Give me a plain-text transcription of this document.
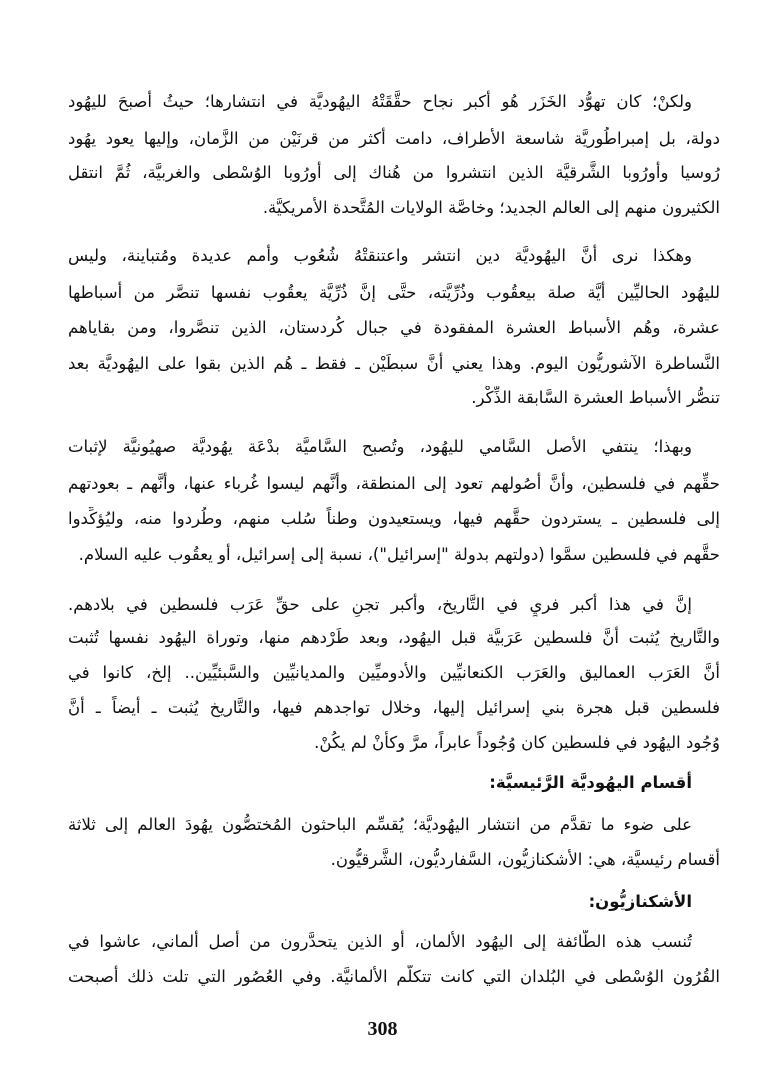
ولكنْ؛ كان تهوُّد الخَزَر هُو أكبر نجاح حقَّقَتْهُ اليهُوديَّة في انتشارها؛ حيثُ أصبحَ لليهُود
دولة، بل إمبراطُوريَّة شاسعة الأطراف، دامت أكثر من قرنَيْن من الزَّمان، وإليها يعود يهُود
رُوسيا وأُورُوبا الشَّرقيَّة الذين انتشروا من هُناك إلى أُورُوبا الوُسْطى والغربيَّة، ثُمَّ انتقل
الكثيرون منهم إلى العالم الجديد؛ وخاصَّة الولايات المُتَّحدة الأمريكيَّة.
وهكذا نرى أنَّ اليهُوديَّة دين انتشر واعتنقتْهُ شُعُوب وأُمم عديدة ومُتباينة، وليس
لليهُود الحاليِّين أيَّة صلة بيعقُوب وذُرِّيَّته، حتَّى إنَّ ذُرِّيَّة يعقُوب نفسها تنصَّر من أسباطها
عشرة، وهُم الأسباط العشرة المفقودة في جبال كُردستان، الذين تنصَّروا، ومن بقاياهم
النَّساطرة الآشوريُّون اليوم. وهذا يعني أنَّ سبطَيْن ـ فقط ـ هُم الذين بقوا على اليهُوديَّة بعد
تنصُّر الأسباط العشرة السَّابقة الذِّكْر.
وبهذا؛ ينتفي الأصل السَّامي لليهُود، وتُصبح السَّاميَّة بدْعَة يهُوديَّة صهيُونيَّة لإثبات
حقِّهم في فلسطين، وأنَّ أُصُولهم تعود إلى المنطقة، وأنَّهم ليسوا غُرباء عنها، وأنَّهم ـ بعودتهم
إلى فلسطين ـ يستردون حقَّهم فيها، ويستعيدون وطناً سُلب منهم، وطُردوا منه، وليُؤكِّدوا
حقَّهم في فلسطين سمَّوا (دولتهم بدولة "إسرائيل")، نسبة إلى إسرائيل، أو يعقُوب عليه السلام.
إنَّ في هذا أكبر فريٍ في التَّاريخ، وأكبر تجنٍ على حقِّ عَرَب فلسطين في بلادهم.
والتَّاريخ يُثبت أنَّ فلسطين عَرَبيَّة قبل اليهُود، وبعد طَرْدهم منها، وتوراة اليهُود نفسها تُثبت
أنَّ العَرَب العماليق والعَرَب الكنعانيِّين والأدوميِّين والمديانيِّين والسَّبئيِّين.. إلخ، كانوا في
فلسطين قبل هجرة بني إسرائيل إليها، وخلال تواجدهم فيها، والتَّاريخ يُثبت ـ أيضاً ـ أنَّ
وُجُود اليهُود في فلسطين كان وُجُوداً عابراً، مرَّ وكأنْ لم يكُنْ.
أقسام اليهُوديَّة الرَّئيسيَّة:
على ضوء ما تقدَّم من انتشار اليهُوديَّة؛ يُقسِّم الباحثون المُختصُّون يهُودَ العالم إلى ثلاثة
أقسام رئيسيَّة، هي: الأشكنازيُّون، السَّفارديُّون، الشَّرقيُّون.
الأشكنازيُّون:
تُنسب هذه الطَّائفة إلى اليهُود الألمان، أو الذين يتحدَّرون من أصل ألماني، عاشوا في
القُرُون الوُسْطى في البُلدان التي كانت تتكلَّم الألمانيَّة. وفي العُصُور التي تلت ذلك أصبحت
308
